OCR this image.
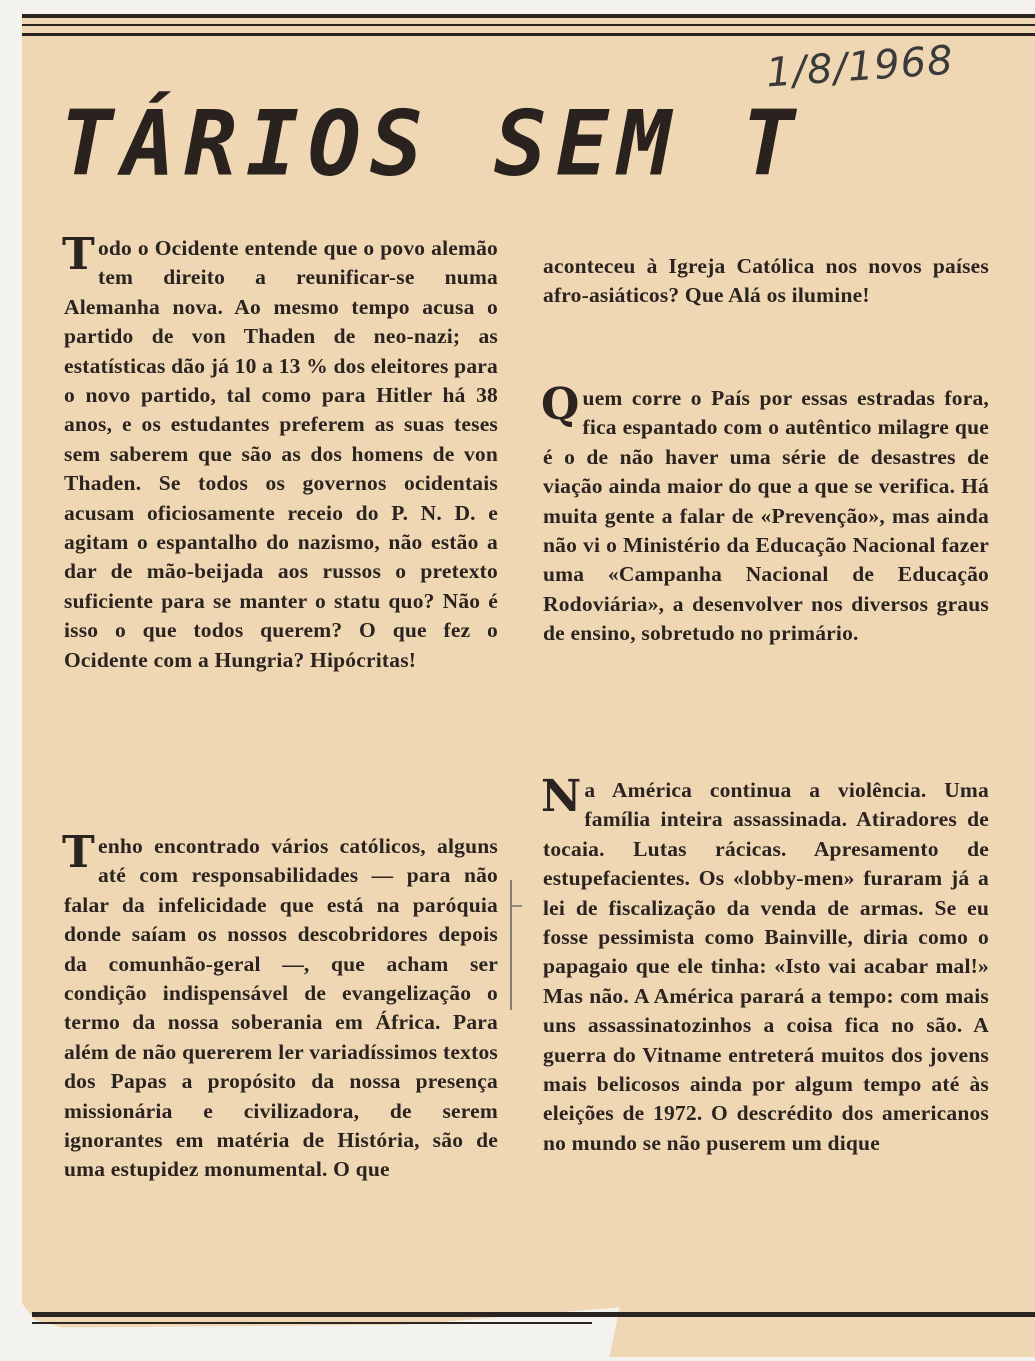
1/8/1968
TÁRIOS SEM T

Todo o Ocidente entende que o povo alemão tem direito a reunificar-se numa Alemanha nova. Ao mesmo tempo acusa o partido de von Thaden de neo-nazi; as estatísticas dão já 10 a 13 % dos eleitores para o novo partido, tal como para Hitler há 38 anos, e os estudantes preferem as suas teses sem saberem que são as dos homens de von Thaden. Se todos os governos ocidentais acusam oficiosamente receio do P. N. D. e agitam o espantalho do nazismo, não estão a dar de mão-beijada aos russos o pretexto suficiente para se manter o statu quo? Não é isso o que todos querem? O que fez o Ocidente com a Hungria? Hipócritas!

Tenho encontrado vários católicos, alguns até com responsabilidades — para não falar da infelicidade que está na paróquia donde saíam os nossos descobridores depois da comunhão-geral —, que acham ser condição indispensável de evangelização o termo da nossa soberania em África. Para além de não quererem ler variadíssimos textos dos Papas a propósito da nossa presença missionária e civilizadora, de serem ignorantes em matéria de História, são de uma estupidez monumental. O que

aconteceu à Igreja Católica nos novos países afro-asiáticos? Que Alá os ilumine!

Quem corre o País por essas estradas fora, fica espantado com o autêntico milagre que é o de não haver uma série de desastres de viação ainda maior do que a que se verifica. Há muita gente a falar de «Prevenção», mas ainda não vi o Ministério da Educação Nacional fazer uma «Campanha Nacional de Educação Rodoviária», a desenvolver nos diversos graus de ensino, sobretudo no primário.

Na América continua a violência. Uma família inteira assassinada. Atiradores de tocaia. Lutas rácicas. Apresamento de estupefacientes. Os «lobby-men» furaram já a lei de fiscalização da venda de armas. Se eu fosse pessimista como Bainville, diria como o papagaio que ele tinha: «Isto vai acabar mal!» Mas não. A América parará a tempo: com mais uns assassinatozinhos a coisa fica no são. A guerra do Vitname entreterá muitos dos jovens mais belicosos ainda por algum tempo até às eleições de 1972. O descrédito dos americanos no mundo se não puserem um dique
